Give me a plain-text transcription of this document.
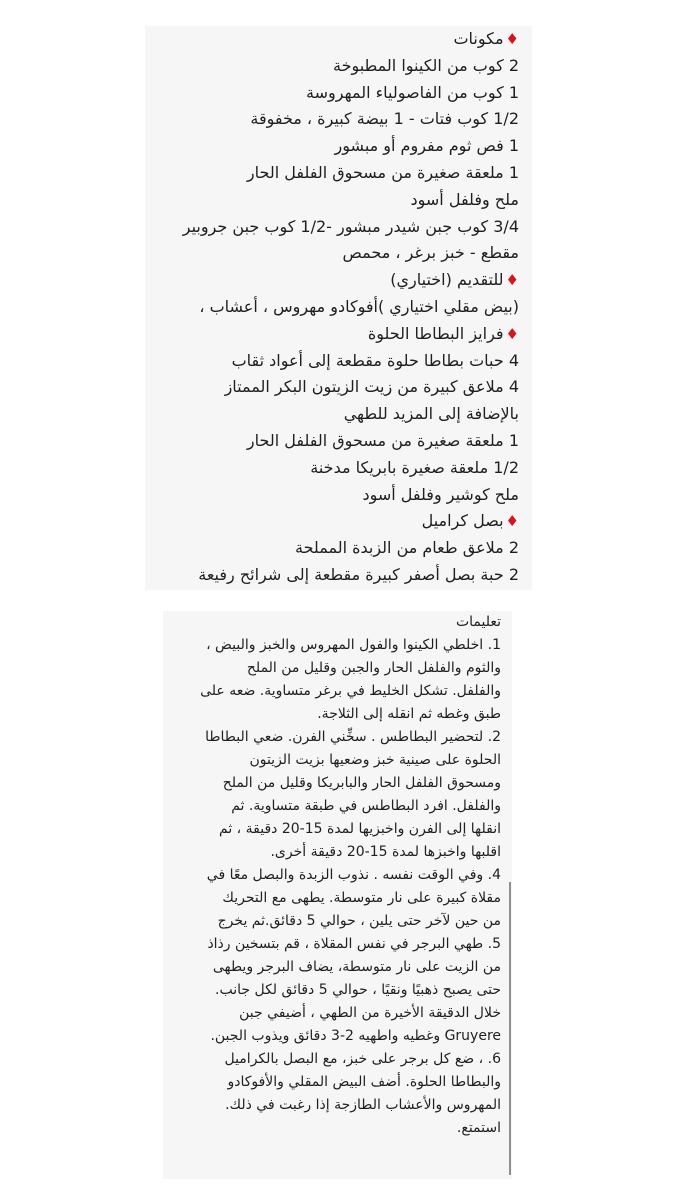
♦مكونات
2 كوب من الكينوا المطبوخة
1 كوب من الفاصولياء المهروسة
1/2 كوب فتات - 1 بيضة كبيرة ، مخفوقة
1 فص ثوم مفروم أو مبشور
1 ملعقة صغيرة من مسحوق الفلفل الحار
ملح وفلفل أسود
3/4 كوب جبن شيدر مبشور -1/2 كوب جبن جروبير
مقطع - خبز برغر ، محمص
♦للتقديم (اختياري)
(بيض مقلي اختياري )أفوكادو مهروس ، أعشاب ،
♦فرايز البطاطا الحلوة
4 حبات بطاطا حلوة مقطعة إلى أعواد ثقاب
4 ملاعق كبيرة من زيت الزيتون البكر الممتاز
بالإضافة إلى المزيد للطهي
1 ملعقة صغيرة من مسحوق الفلفل الحار
1/2 ملعقة صغيرة بابريكا مدخنة
ملح كوشير وفلفل أسود
♦بصل كراميل
2 ملاعق طعام من الزبدة المملحة
2 حبة بصل أصفر كبيرة مقطعة إلى شرائح رفيعة
تعليمات
1. اخلطي الكينوا والفول المهروس والخبز والبيض ،
والثوم والفلفل الحار والجبن وقليل من الملح
والفلفل. تشكل الخليط في برغر متساوية. ضعه على
طبق وغطه ثم انقله إلى الثلاجة.
2. لتحضير البطاطس . سخِّني الفرن. ضعي البطاطا
الحلوة على صينية خبز وضعيها بزيت الزيتون
ومسحوق الفلفل الحار والبابريكا وقليل من الملح
والفلفل. افرد البطاطس في طبقة متساوية. ثم
انقلها إلى الفرن واخبزيها لمدة 15-20 دقيقة ، ثم
اقلبها واخبزها لمدة 15-20 دقيقة أخرى.
4. وفي الوقت نفسه . نذوب الزبدة والبصل معًا في
مقلاة كبيرة على نار متوسطة. يطهى مع التحريك
من حين لآخر حتى يلين ، حوالي 5 دقائق.ثم يخرج
5. طهي البرجر في نفس المقلاة ، قم بتسخين رذاذ
من الزيت على نار متوسطة، يضاف البرجر ويطهى
حتى يصبح ذهبيًا ونقيًا ، حوالي 5 دقائق لكل جانب.
خلال الدقيقة الأخيرة من الطهي ، أضيفي جبن
Gruyere وغطيه واطهيه 2-3 دقائق ويذوب الجبن.
6. ، ضع كل برجر على خبز، مع البصل بالكراميل
والبطاطا الحلوة. أضف البيض المقلي والأفوكادو
المهروس والأعشاب الطازجة إذا رغبت في ذلك.
استمتع.
